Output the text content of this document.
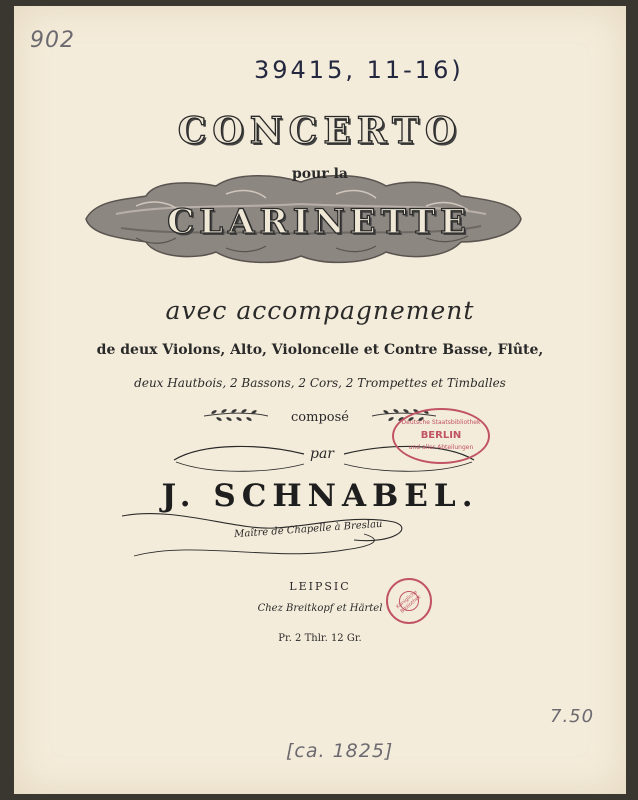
902
39415, 11-16)
CONCERTO
pour la
CLARINETTE
avec accompagnement
de deux Violons, Alto, Violoncelle et Contre Basse, Flûte,
deux Hautbois, 2 Bassons, 2 Cors, 2 Trompettes et Timballes
composé
par
J. SCHNABEL.
Maître de Chapelle à Breslau
LEIPSIC
Chez Breitkopf et Härtel
Pr. 2 Thlr. 12 Gr.
Deutsche Staatsbibliothek
BERLIN
und aller Abteilungen
Königliche Bibliothek
7.50
[ca. 1825]
